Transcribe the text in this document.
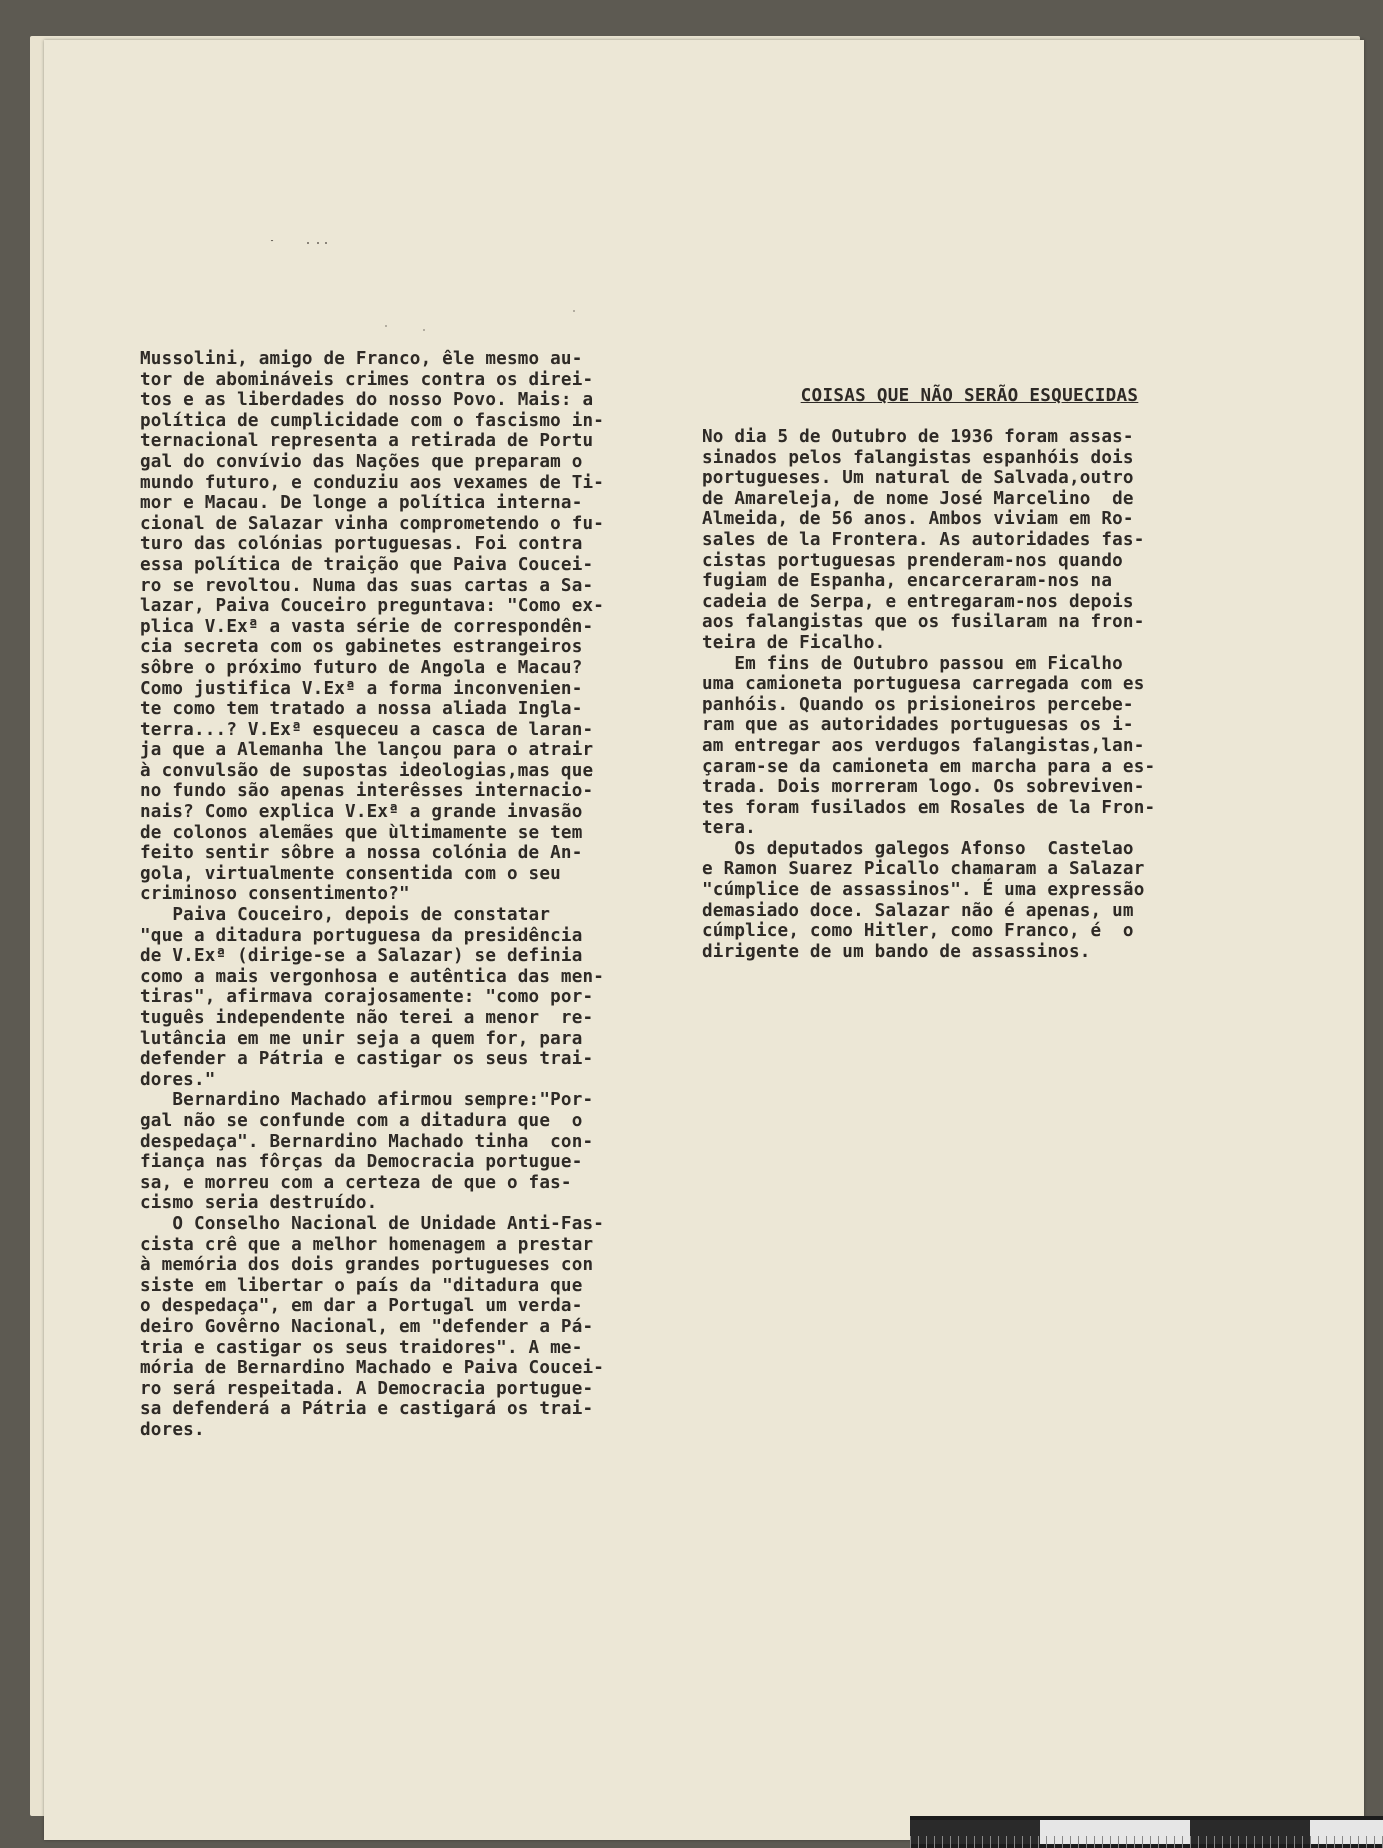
Mussolini, amigo de Franco, êle mesmo au-
tor de abomináveis crimes contra os direi-
tos e as liberdades do nosso Povo. Mais: a
política de cumplicidade com o fascismo in-
ternacional representa a retirada de Portu
gal do convívio das Nações que preparam o
mundo futuro, e conduziu aos vexames de Ti-
mor e Macau. De longe a política interna-
cional de Salazar vinha comprometendo o fu-
turo das colónias portuguesas. Foi contra
essa política de traição que Paiva Coucei-
ro se revoltou. Numa das suas cartas a Sa-
lazar, Paiva Couceiro preguntava: "Como ex-
plica V.Exª a vasta série de correspondên-
cia secreta com os gabinetes estrangeiros
sôbre o próximo futuro de Angola e Macau?
Como justifica V.Exª a forma inconvenien-
te como tem tratado a nossa aliada Ingla-
terra...? V.Exª esqueceu a casca de laran-
ja que a Alemanha lhe lançou para o atrair
à convulsão de supostas ideologias,mas que
no fundo são apenas interêsses internacio-
nais? Como explica V.Exª a grande invasão
de colonos alemães que ùltimamente se tem
feito sentir sôbre a nossa colónia de An-
gola, virtualmente consentida com o seu
criminoso consentimento?"
Paiva Couceiro, depois de constatar
"que a ditadura portuguesa da presidência
de V.Exª (dirige-se a Salazar) se definia
como a mais vergonhosa e autêntica das men-
tiras", afirmava corajosamente: "como por-
tuguês independente não terei a menor  re-
lutância em me unir seja a quem for, para
defender a Pátria e castigar os seus trai-
dores."
Bernardino Machado afirmou sempre:"Por-
gal não se confunde com a ditadura que  o
despedaça". Bernardino Machado tinha  con-
fiança nas fôrças da Democracia portugue-
sa, e morreu com a certeza de que o fas-
cismo seria destruído.
O Conselho Nacional de Unidade Anti-Fas-
cista crê que a melhor homenagem a prestar
à memória dos dois grandes portugueses con
siste em libertar o país da "ditadura que
o despedaça", em dar a Portugal um verda-
deiro Govêrno Nacional, em "defender a Pá-
tria e castigar os seus traidores". A me-
mória de Bernardino Machado e Paiva Coucei-
ro será respeitada. A Democracia portugue-
sa defenderá a Pátria e castigará os trai-
dores.
COISAS QUE NÃO SERÃO ESQUECIDAS
No dia 5 de Outubro de 1936 foram assas-
sinados pelos falangistas espanhóis dois
portugueses. Um natural de Salvada,outro
de Amareleja, de nome José Marcelino  de
Almeida, de 56 anos. Ambos viviam em Ro-
sales de la Frontera. As autoridades fas-
cistas portuguesas prenderam-nos quando
fugiam de Espanha, encarceraram-nos na
cadeia de Serpa, e entregaram-nos depois
aos falangistas que os fusilaram na fron-
teira de Ficalho.
Em fins de Outubro passou em Ficalho
uma camioneta portuguesa carregada com es
panhóis. Quando os prisioneiros percebe-
ram que as autoridades portuguesas os i-
am entregar aos verdugos falangistas,lan-
çaram-se da camioneta em marcha para a es-
trada. Dois morreram logo. Os sobreviven-
tes foram fusilados em Rosales de la Fron-
tera.
Os deputados galegos Afonso  Castelao
e Ramon Suarez Picallo chamaram a Salazar
"cúmplice de assassinos". É uma expressão
demasiado doce. Salazar não é apenas, um
cúmplice, como Hitler, como Franco, é  o
dirigente de um bando de assassinos.
